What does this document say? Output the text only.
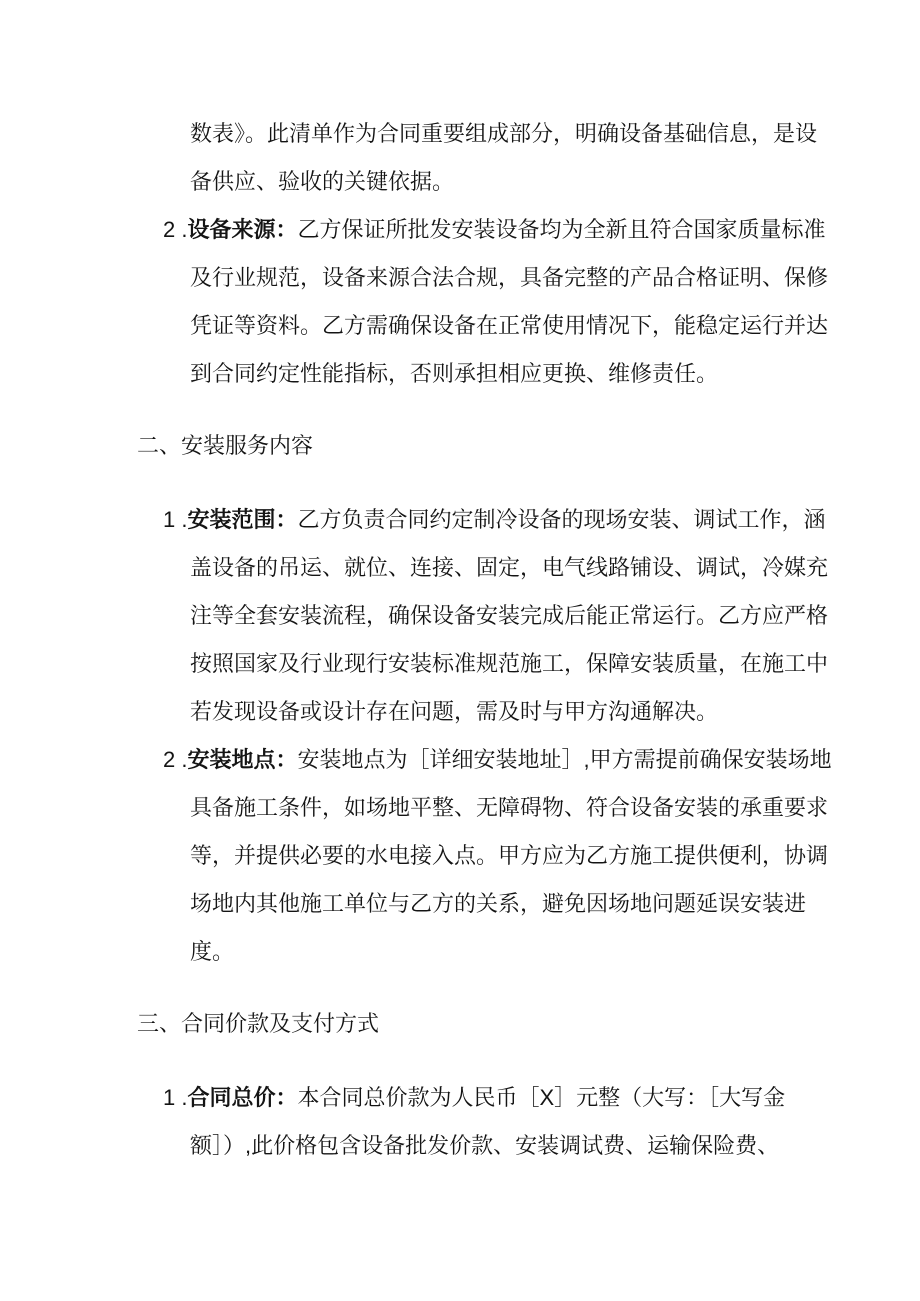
数表》。此清单作为合同重要组成部分，明确设备基础信息，是设
备供应、验收的关键依据。
2 .设备来源：乙方保证所批发安装设备均为全新且符合国家质量标准
及行业规范，设备来源合法合规，具备完整的产品合格证明、保修
凭证等资料。乙方需确保设备在正常使用情况下，能稳定运行并达
到合同约定性能指标，否则承担相应更换、维修责任。
二、安装服务内容
1 .安装范围：乙方负责合同约定制冷设备的现场安装、调试工作，涵
盖设备的吊运、就位、连接、固定，电气线路铺设、调试，冷媒充
注等全套安装流程，确保设备安装完成后能正常运行。乙方应严格
按照国家及行业现行安装标准规范施工，保障安装质量，在施工中
若发现设备或设计存在问题，需及时与甲方沟通解决。
2 .安装地点：安装地点为［详细安装地址］,甲方需提前确保安装场地
具备施工条件，如场地平整、无障碍物、符合设备安装的承重要求
等，并提供必要的水电接入点。甲方应为乙方施工提供便利，协调
场地内其他施工单位与乙方的关系，避免因场地问题延误安装进
度。
三、合同价款及支付方式
1 .合同总价：本合同总价款为人民币［X］元整（大写：［大写金
额］）,此价格包含设备批发价款、安装调试费、运输保险费、
